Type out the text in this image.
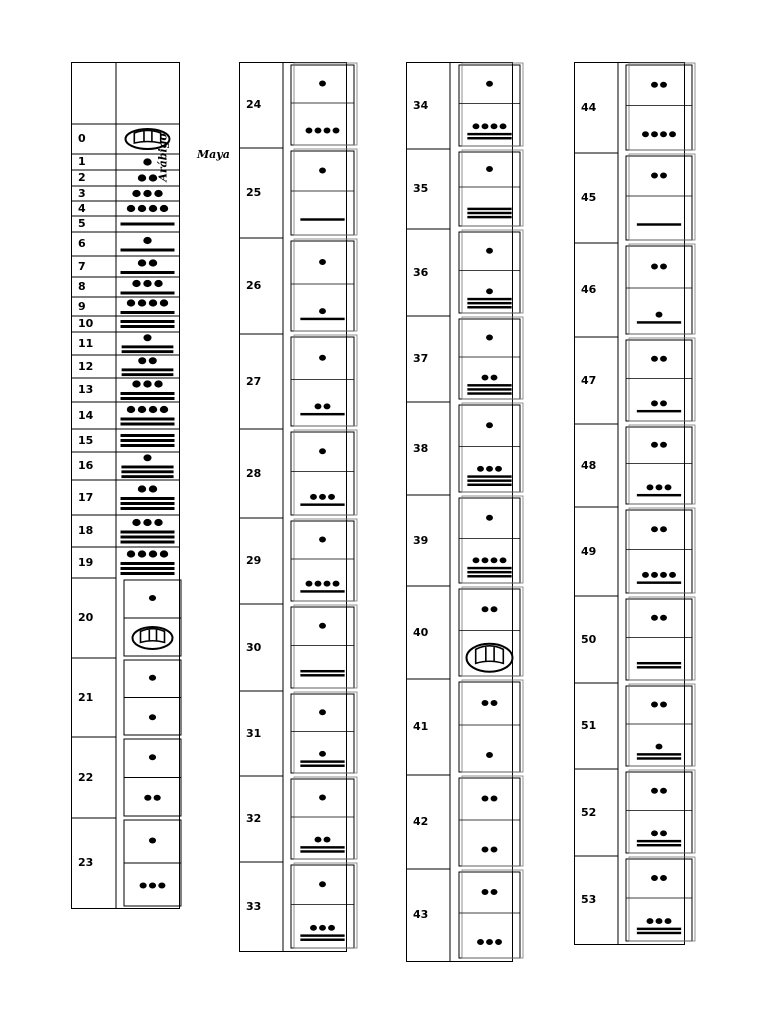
Arábigo Maya
0
1
2
3
4
5
6
7
8
9
10
11
12
13
14
15
16
17
18
19
20
21
22
23
24
25
26
27
28
29
30
31
32
33
34
35
36
37
38
39
40
41
42
43
44
45
46
47
48
49
50
51
52
53
